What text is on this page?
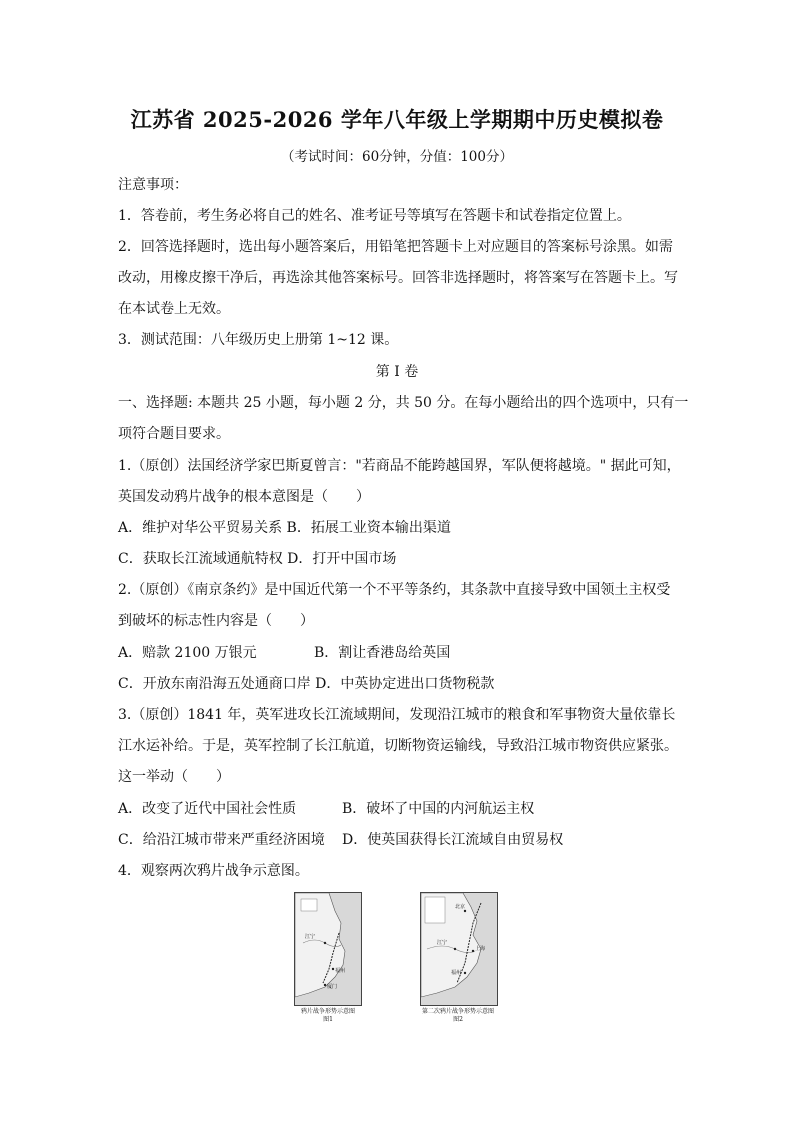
江苏省 2025-2026 学年八年级上学期期中历史模拟卷
（考试时间：60分钟，分值：100分）
注意事项：
1．答卷前，考生务必将自己的姓名、准考证号等填写在答题卡和试卷指定位置上。
2．回答选择题时，选出每小题答案后，用铅笔把答题卡上对应题目的答案标号涂黑。如需
改动，用橡皮擦干净后，再选涂其他答案标号。回答非选择题时，将答案写在答题卡上。写
在本试卷上无效。
3．测试范围：八年级历史上册第 1~12 课。
第 I 卷
一、选择题: 本题共 25 小题，每小题 2 分，共 50 分。在每小题给出的四个选项中，只有一
项符合题目要求。
1.（原创）法国经济学家巴斯夏曾言："若商品不能跨越国界，军队便将越境。" 据此可知，
英国发动鸦片战争的根本意图是（　　）
A．维护对华公平贸易关系 B．拓展工业资本输出渠道
C．获取长江流域通航特权 D．打开中国市场
2.（原创）《南京条约》是中国近代第一个不平等条约，其条款中直接导致中国领土主权受
到破坏的标志性内容是（　　）
A．赔款 2100 万银元	B．割让香港岛给英国
C．开放东南沿海五处通商口岸 D．中英协定进出口货物税款
3.（原创）1841 年，英军进攻长江流域期间，发现沿江城市的粮食和军事物资大量依靠长
江水运补给。于是，英军控制了长江航道，切断物资运输线，导致沿江城市物资供应紧张。
这一举动（　　）
A．改变了近代中国社会性质	B．破坏了中国的内河航运主权
C．给沿江城市带来严重经济困境 D．使英国获得长江流域自由贸易权
4．观察两次鸦片战争示意图。
江宁
福州
厦门
鸦片战争形势示意图
图1
北京
江宁
上海
福州
第二次鸦片战争形势示意图
图2
